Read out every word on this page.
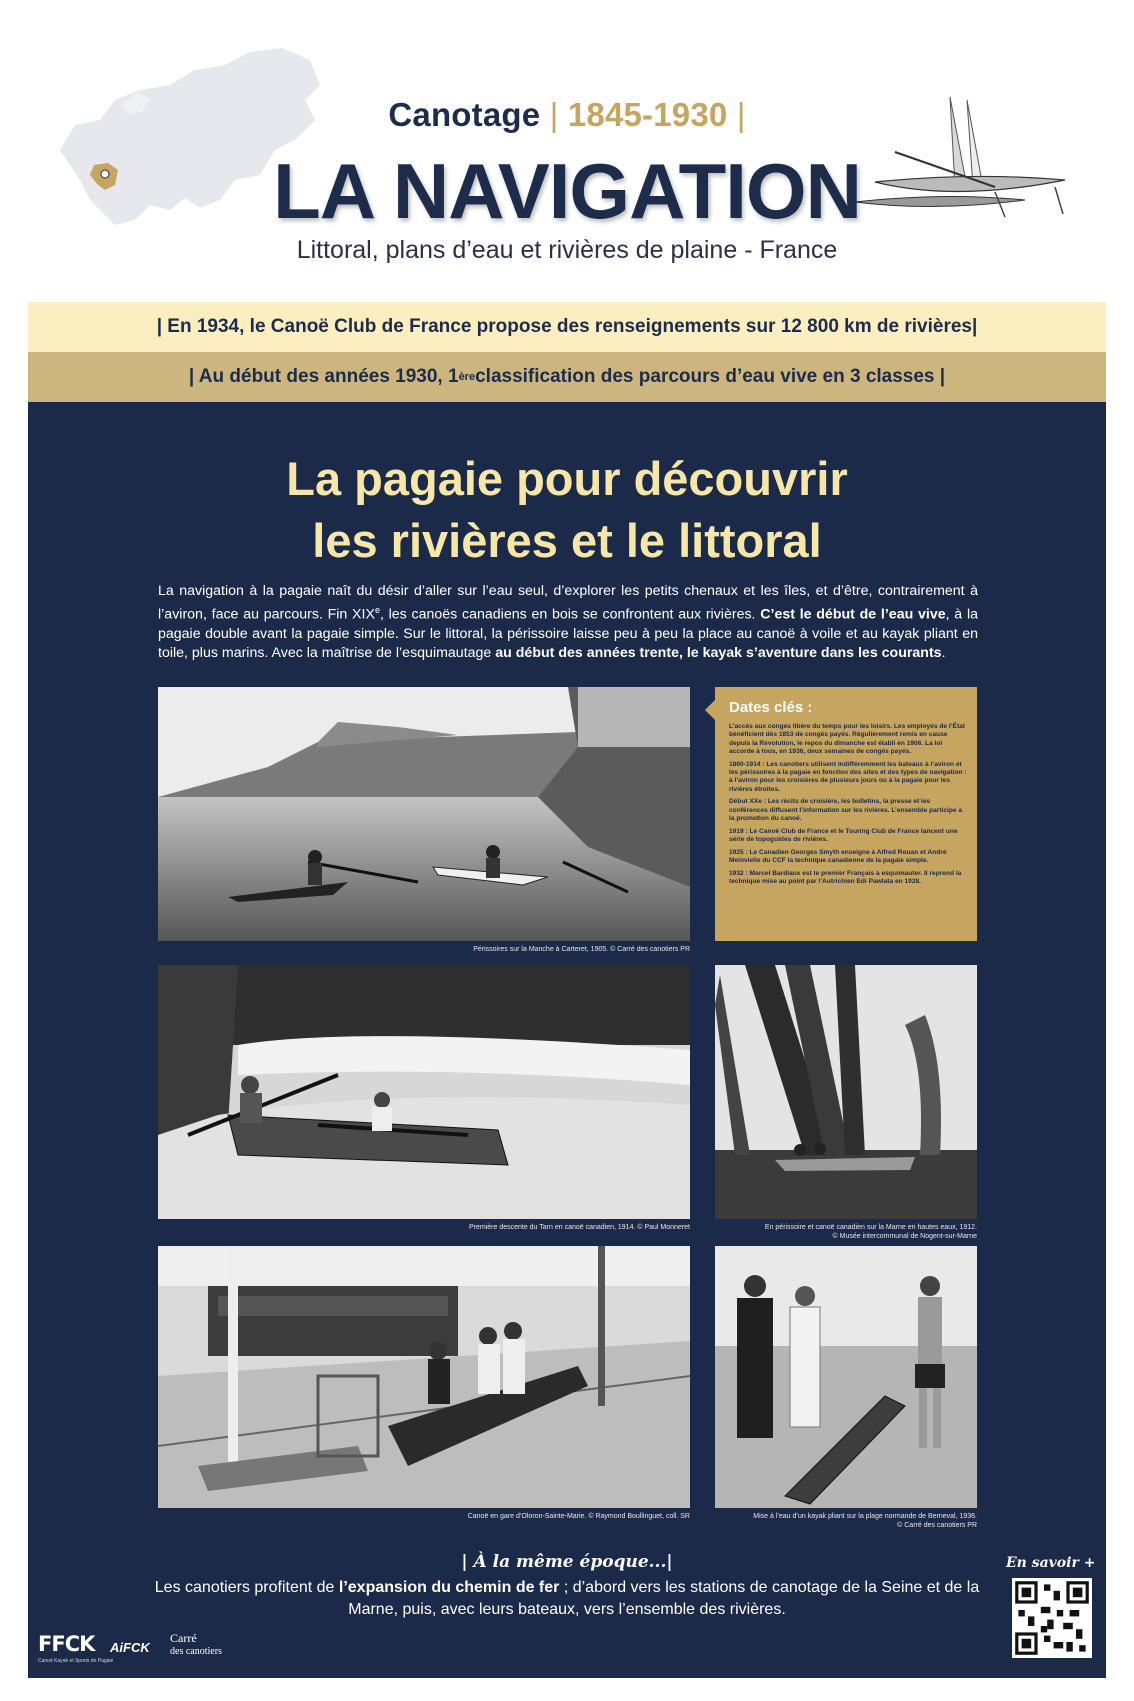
Canotage | 1845-1930 |
LA NAVIGATION
Littoral, plans d’eau et rivières de plaine - France
| En 1934, le Canoë Club de France propose des renseignements sur 12 800 km de rivières|
| Au début des années 1930, 1 ère classification des parcours d’eau vive en 3 classes |
La pagaie pour découvrir
les rivières et le littoral
La navigation à la pagaie naît du désir d’aller sur l’eau seul, d’explorer les petits chenaux et les îles, et d’être, contrairement à l’aviron, face au parcours. Fin XIXe, les canoës canadiens en bois se confrontent aux rivières. C’est le début de l’eau vive, à la pagaie double avant la pagaie simple. Sur le littoral, la périssoire laisse peu à peu la place au canoë à voile et au kayak pliant en toile, plus marins. Avec la maîtrise de l’esquimautage au début des années trente, le kayak s’aventure dans les courants.
Périssoires sur la Manche à Carteret, 1905. © Carré des canotiers PR
Dates clés :

L’accès aux congés libère du temps pour les loisirs. Les employés de l’État bénéficient dès 1853 de congés payés. Régulièrement remis en cause depuis la Révolution, le repos du dimanche est établi en 1906. La loi accorde à tous, en 1936, deux semaines de congés payés.

1860-1914 : Les canotiers utilisent indifféremment les bateaux à l’aviron et les périssoires à la pagaie en fonction des sites et des types de navigation : à l’aviron pour les croisières de plusieurs jours ou à la pagaie pour les rivières étroites.

Début XXe : Les récits de croisière, les bulletins, la presse et les conférences diffusent l’information sur les rivières. L’ensemble participe à la promotion du canoë.

1919 : Le Canoë Club de France et le Touring Club de France lancent une série de topoguides de rivières.

1925 : Le Canadien Georges Smyth enseigne à Alfred Rouan et André Meinvielle du CCF la technique canadienne de la pagaie simple.

1932 : Marcel Bardiaux est le premier Français à esquimauter. Il reprend la technique mise au point par l’Autrichien Edi Pawlata en 1928.

Première descente du Tarn en canoë canadien, 1914. © Paul Monneret	En périssoire et canoë canadien sur la Marne en hautes eaux, 1912.
© Musée intercommunal de Nogent-sur-Marne
Canoë en gare d’Oloron-Sainte-Marie. © Raymond Boullinguet, coll. SR	Mise à l’eau d’un kayak pliant sur la plage normande de Berneval, 1936.
© Carré des canotiers PR
| À la même époque...|
Les canotiers profitent de l’expansion du chemin de fer ; d’abord vers les stations de canotage de la Seine et de la Marne, puis, avec leurs bateaux, vers l’ensemble des rivières.
En savoir +
FFCK
Canoë Kayak et Sports de Pagaie
AiFCK
Carré
des canotiers
